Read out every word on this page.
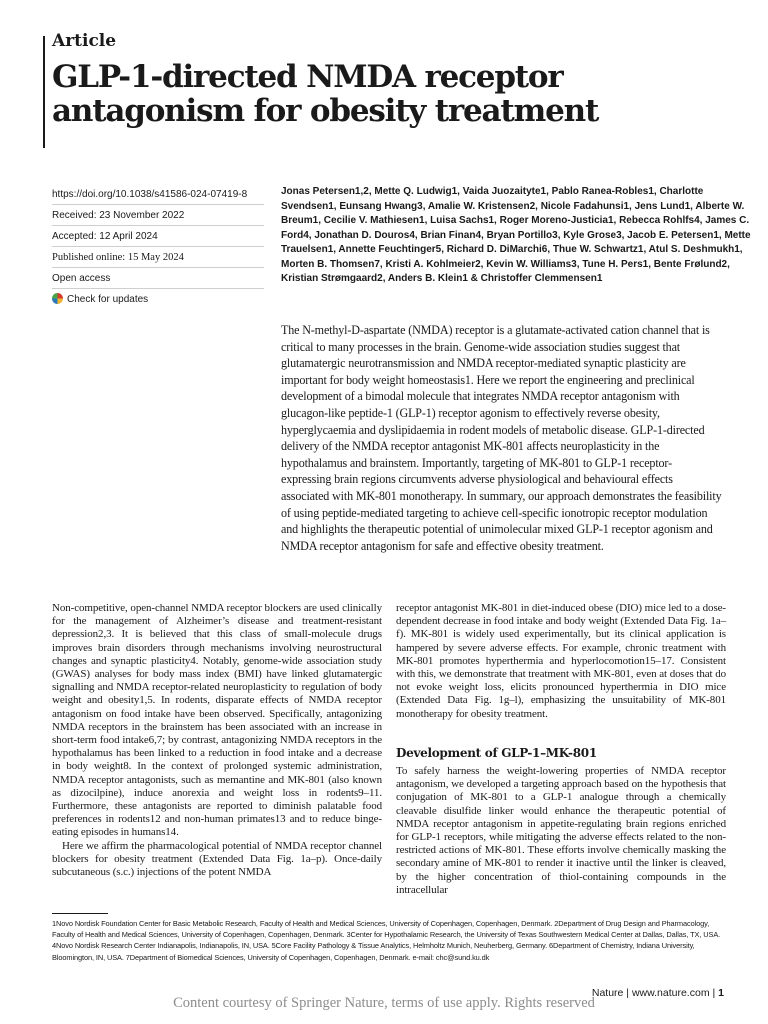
Article
GLP-1-directed NMDA receptor antagonism for obesity treatment
https://doi.org/10.1038/s41586-024-07419-8
Received: 23 November 2022
Accepted: 12 April 2024
Published online: 15 May 2024
Open access
Check for updates
Jonas Petersen1,2, Mette Q. Ludwig1, Vaida Juozaityte1, Pablo Ranea-Robles1, Charlotte Svendsen1, Eunsang Hwang3, Amalie W. Kristensen2, Nicole Fadahunsi1, Jens Lund1, Alberte W. Breum1, Cecilie V. Mathiesen1, Luisa Sachs1, Roger Moreno-Justicia1, Rebecca Rohlfs4, James C. Ford4, Jonathan D. Douros4, Brian Finan4, Bryan Portillo3, Kyle Grose3, Jacob E. Petersen1, Mette Trauelsen1, Annette Feuchtinger5, Richard D. DiMarchi6, Thue W. Schwartz1, Atul S. Deshmukh1, Morten B. Thomsen7, Kristi A. Kohlmeier2, Kevin W. Williams3, Tune H. Pers1, Bente Frølund2, Kristian Strømgaard2, Anders B. Klein1 & Christoffer Clemmensen1
The N-methyl-D-aspartate (NMDA) receptor is a glutamate-activated cation channel that is critical to many processes in the brain. Genome-wide association studies suggest that glutamatergic neurotransmission and NMDA receptor-mediated synaptic plasticity are important for body weight homeostasis1. Here we report the engineering and preclinical development of a bimodal molecule that integrates NMDA receptor antagonism with glucagon-like peptide-1 (GLP-1) receptor agonism to effectively reverse obesity, hyperglycaemia and dyslipidaemia in rodent models of metabolic disease. GLP-1-directed delivery of the NMDA receptor antagonist MK-801 affects neuroplasticity in the hypothalamus and brainstem. Importantly, targeting of MK-801 to GLP-1 receptor-expressing brain regions circumvents adverse physiological and behavioural effects associated with MK-801 monotherapy. In summary, our approach demonstrates the feasibility of using peptide-mediated targeting to achieve cell-specific ionotropic receptor modulation and highlights the therapeutic potential of unimolecular mixed GLP-1 receptor agonism and NMDA receptor antagonism for safe and effective obesity treatment.

Non-competitive, open-channel NMDA receptor blockers are used clinically for the management of Alzheimer’s disease and treatment-resistant depression2,3. It is believed that this class of small-molecule drugs improves brain disorders through mechanisms involving neurostructural changes and synaptic plasticity4. Notably, genome-wide association study (GWAS) analyses for body mass index (BMI) have linked glutamatergic signalling and NMDA receptor-related neuroplasticity to regulation of body weight and obesity1,5. In rodents, disparate effects of NMDA receptor antagonism on food intake have been observed. Specifically, antagonizing NMDA receptors in the brainstem has been associated with an increase in short-term food intake6,7; by contrast, antagonizing NMDA receptors in the hypothalamus has been linked to a reduction in food intake and a decrease in body weight8. In the context of prolonged systemic administration, NMDA receptor antagonists, such as memantine and MK-801 (also known as dizocilpine), induce anorexia and weight loss in rodents9–11. Furthermore, these antagonists are reported to diminish palatable food preferences in rodents12 and non-human primates13 and to reduce binge-eating episodes in humans14.

Here we affirm the pharmacological potential of NMDA receptor channel blockers for obesity treatment (Extended Data Fig. 1a–p). Once-daily subcutaneous (s.c.) injections of the potent NMDA

receptor antagonist MK-801 in diet-induced obese (DIO) mice led to a dose-dependent decrease in food intake and body weight (Extended Data Fig. 1a–f). MK-801 is widely used experimentally, but its clinical application is hampered by severe adverse effects. For example, chronic treatment with MK-801 promotes hyperthermia and hyperlocomotion15–17. Consistent with this, we demonstrate that treatment with MK-801, even at doses that do not evoke weight loss, elicits pronounced hyperthermia in DIO mice (Extended Data Fig. 1g–l), emphasizing the unsuitability of MK-801 monotherapy for obesity treatment.

Development of GLP-1–MK-801

To safely harness the weight-lowering properties of NMDA receptor antagonism, we developed a targeting approach based on the hypothesis that conjugation of MK-801 to a GLP-1 analogue through a chemically cleavable disulfide linker would enhance the therapeutic potential of NMDA receptor antagonism in appetite-regulating brain regions enriched for GLP-1 receptors, while mitigating the adverse effects related to the non-restricted actions of MK-801. These efforts involve chemically masking the secondary amine of MK-801 to render it inactive until the linker is cleaved, by the higher concentration of thiol-containing compounds in the intracellular

1Novo Nordisk Foundation Center for Basic Metabolic Research, Faculty of Health and Medical Sciences, University of Copenhagen, Copenhagen, Denmark. 2Department of Drug Design and Pharmacology, Faculty of Health and Medical Sciences, University of Copenhagen, Copenhagen, Denmark. 3Center for Hypothalamic Research, the University of Texas Southwestern Medical Center at Dallas, Dallas, TX, USA. 4Novo Nordisk Research Center Indianapolis, Indianapolis, IN, USA. 5Core Facility Pathology & Tissue Analytics, Helmholtz Munich, Neuherberg, Germany. 6Department of Chemistry, Indiana University, Bloomington, IN, USA. 7Department of Biomedical Sciences, University of Copenhagen, Copenhagen, Denmark. e-mail: chc@sund.ku.dk
Nature | www.nature.com | 1
Content courtesy of Springer Nature, terms of use apply. Rights reserved
